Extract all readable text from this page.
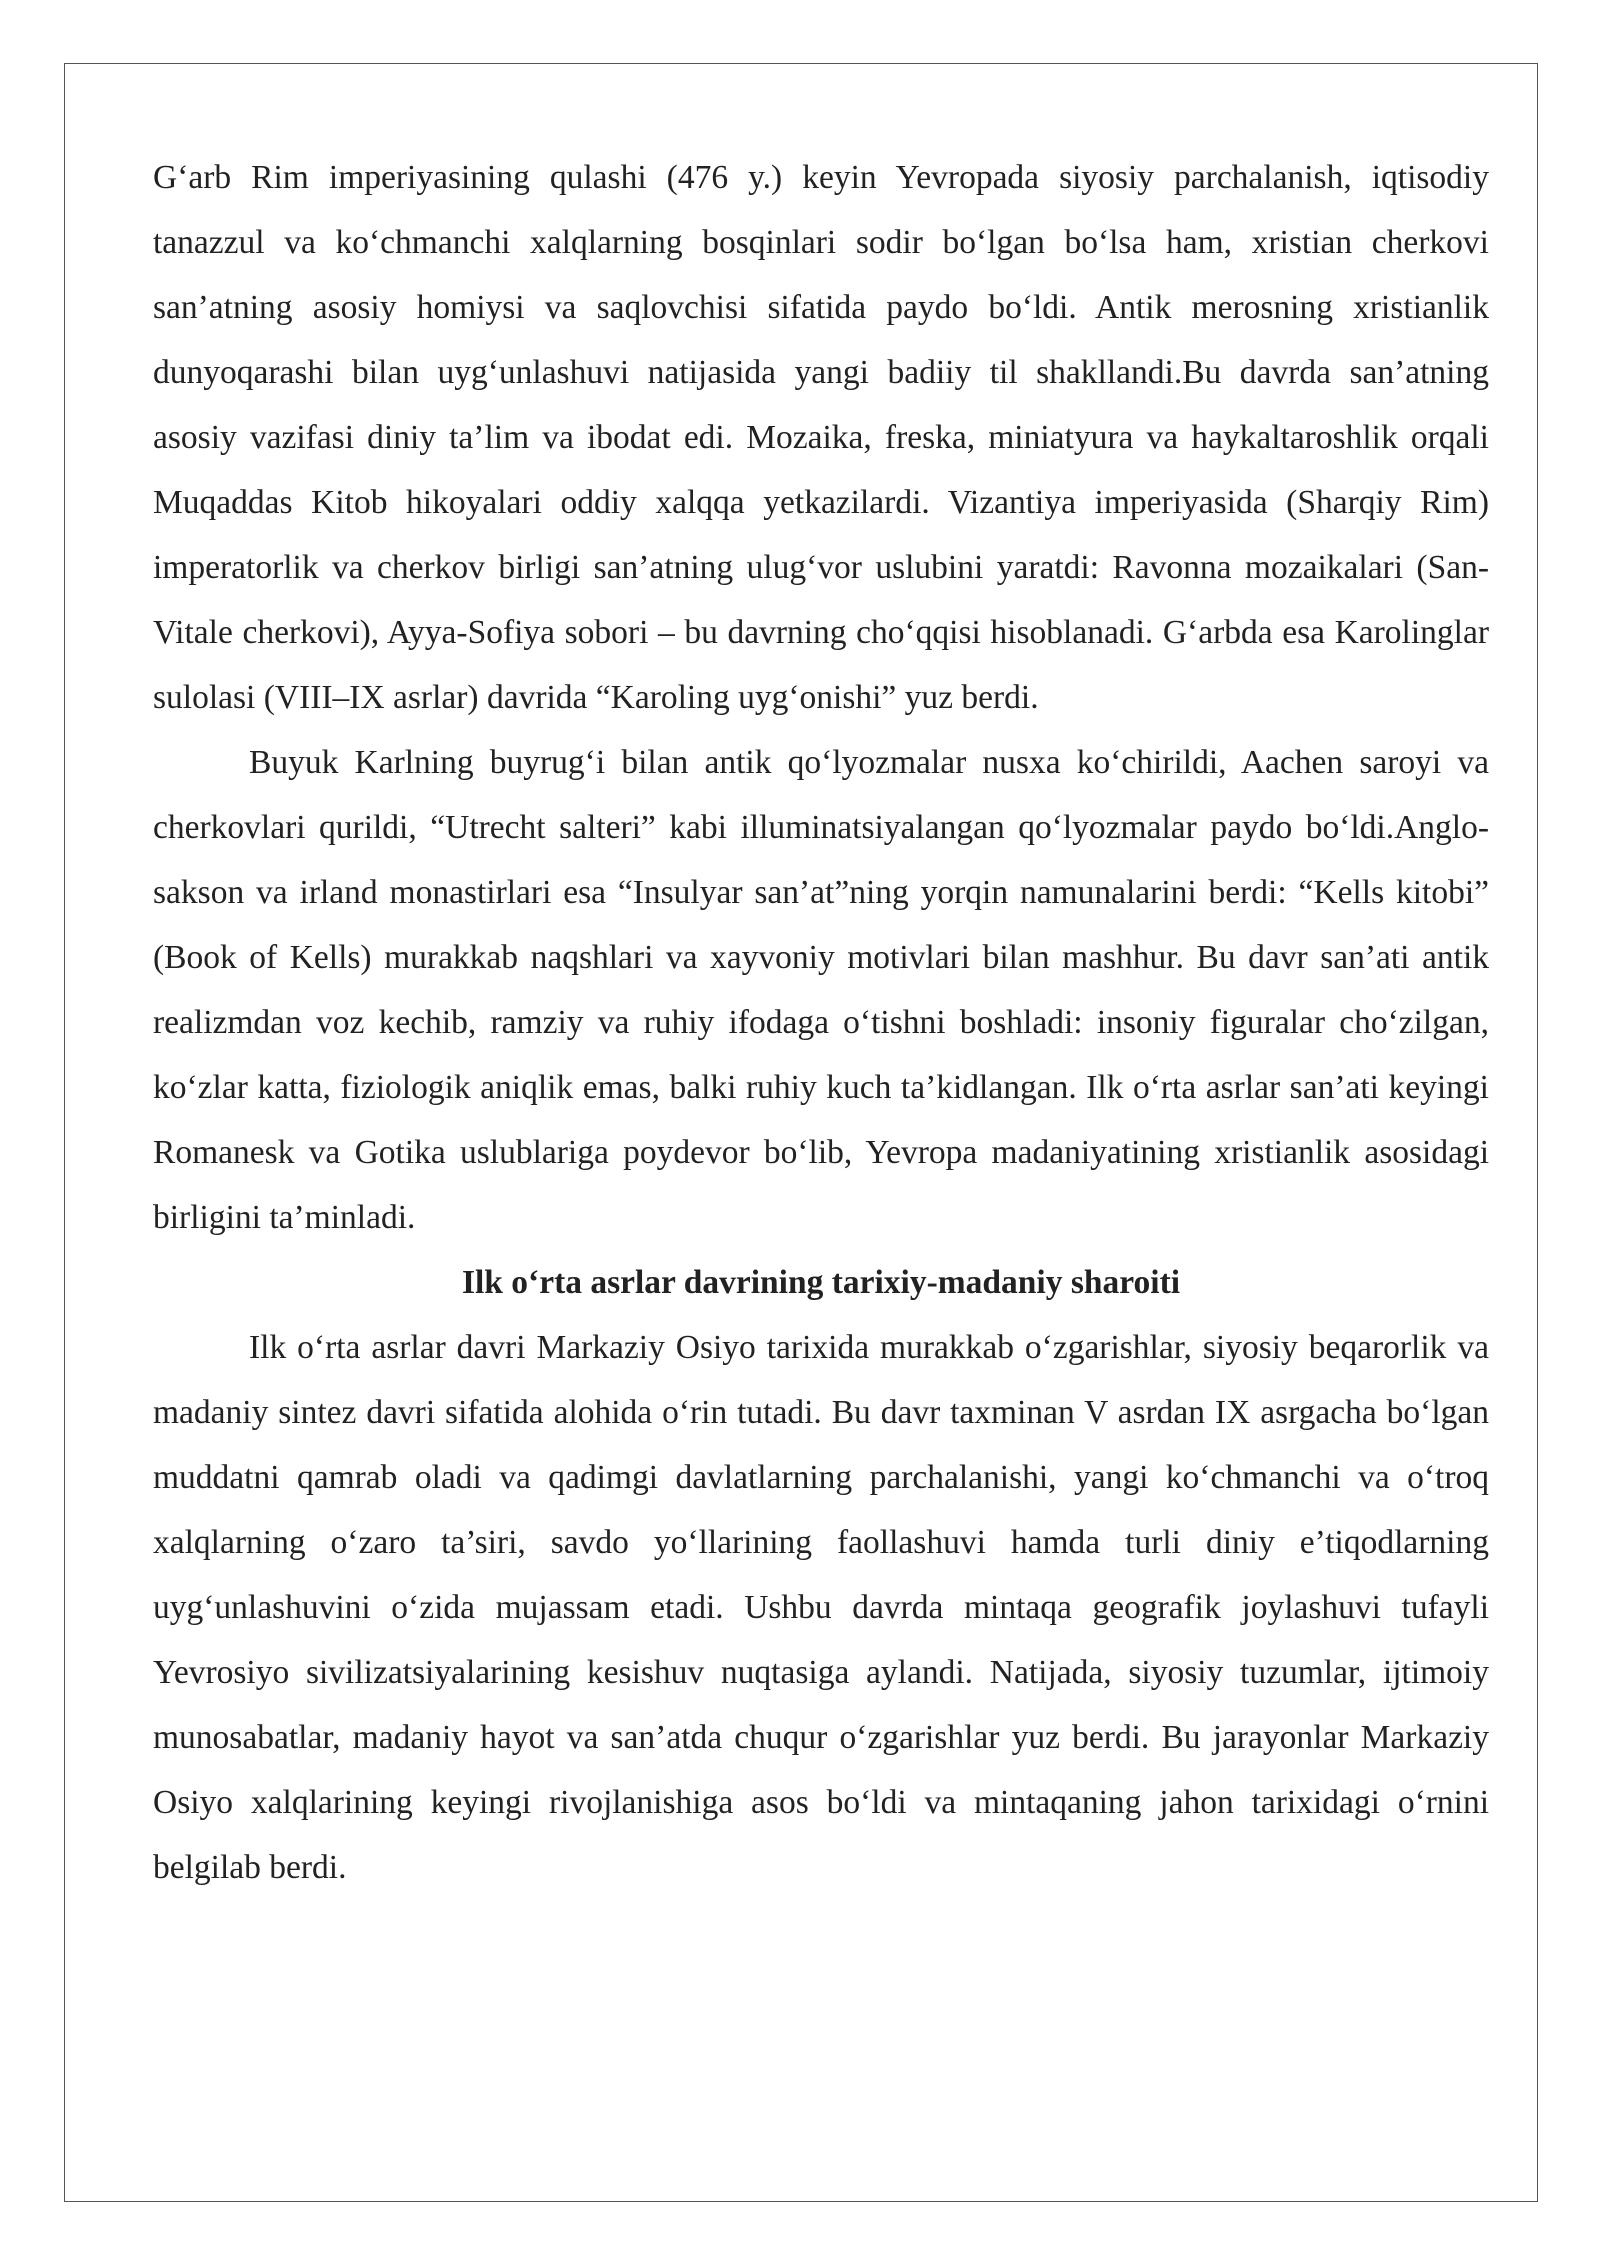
G‘arb Rim imperiyasining qulashi (476 y.) keyin Yevropada siyosiy parchalanish, iqtisodiy tanazzul va ko‘chmanchi xalqlarning bosqinlari sodir bo‘lgan bo‘lsa ham, xristian cherkovi san’atning asosiy homiysi va saqlovchisi sifatida paydo bo‘ldi. Antik merosning xristianlik dunyoqarashi bilan uyg‘unlashuvi natijasida yangi badiiy til shakllandi.Bu davrda san’atning asosiy vazifasi diniy ta’lim va ibodat edi. Mozaika, freska, miniatyura va haykaltaroshlik orqali Muqaddas Kitob hikoyalari oddiy xalqqa yetkazilardi. Vizantiya imperiyasida (Sharqiy Rim) imperatorlik va cherkov birligi san’atning ulug‘vor uslubini yaratdi: Ravonna mozaikalari (San-Vitale cherkovi), Ayya-Sofiya sobori – bu davrning cho‘qqisi hisoblanadi. G‘arbda esa Karolinglar sulolasi (VIII–IX asrlar) davrida “Karoling uyg‘onishi” yuz berdi.

Buyuk Karlning buyrug‘i bilan antik qo‘lyozmalar nusxa ko‘chirildi, Aachen saroyi va cherkovlari qurildi, “Utrecht salteri” kabi illuminatsiyalangan qo‘lyozmalar paydo bo‘ldi.Anglo-sakson va irland monastirlari esa “Insulyar san’at”ning yorqin namunalarini berdi: “Kells kitobi” (Book of Kells) murakkab naqshlari va xayvoniy motivlari bilan mashhur. Bu davr san’ati antik realizmdan voz kechib, ramziy va ruhiy ifodaga o‘tishni boshladi: insoniy figuralar cho‘zilgan, ko‘zlar katta, fiziologik aniqlik emas, balki ruhiy kuch ta’kidlangan. Ilk o‘rta asrlar san’ati keyingi Romanesk va Gotika uslublariga poydevor bo‘lib, Yevropa madaniyatining xristianlik asosidagi birligini ta’minladi.

Ilk o‘rta asrlar davrining tarixiy-madaniy sharoiti

Ilk o‘rta asrlar davri Markaziy Osiyo tarixida murakkab o‘zgarishlar, siyosiy beqarorlik va madaniy sintez davri sifatida alohida o‘rin tutadi. Bu davr taxminan V asrdan IX asrgacha bo‘lgan muddatni qamrab oladi va qadimgi davlatlarning parchalanishi, yangi ko‘chmanchi va o‘troq xalqlarning o‘zaro ta’siri, savdo yo‘llarining faollashuvi hamda turli diniy e’tiqodlarning uyg‘unlashuvini o‘zida mujassam etadi. Ushbu davrda mintaqa geografik joylashuvi tufayli Yevrosiyo sivilizatsiyalarining kesishuv nuqtasiga aylandi. Natijada, siyosiy tuzumlar, ijtimoiy munosabatlar, madaniy hayot va san’atda chuqur o‘zgarishlar yuz berdi. Bu jarayonlar Markaziy Osiyo xalqlarining keyingi rivojlanishiga asos bo‘ldi va mintaqaning jahon tarixidagi o‘rnini belgilab berdi.
